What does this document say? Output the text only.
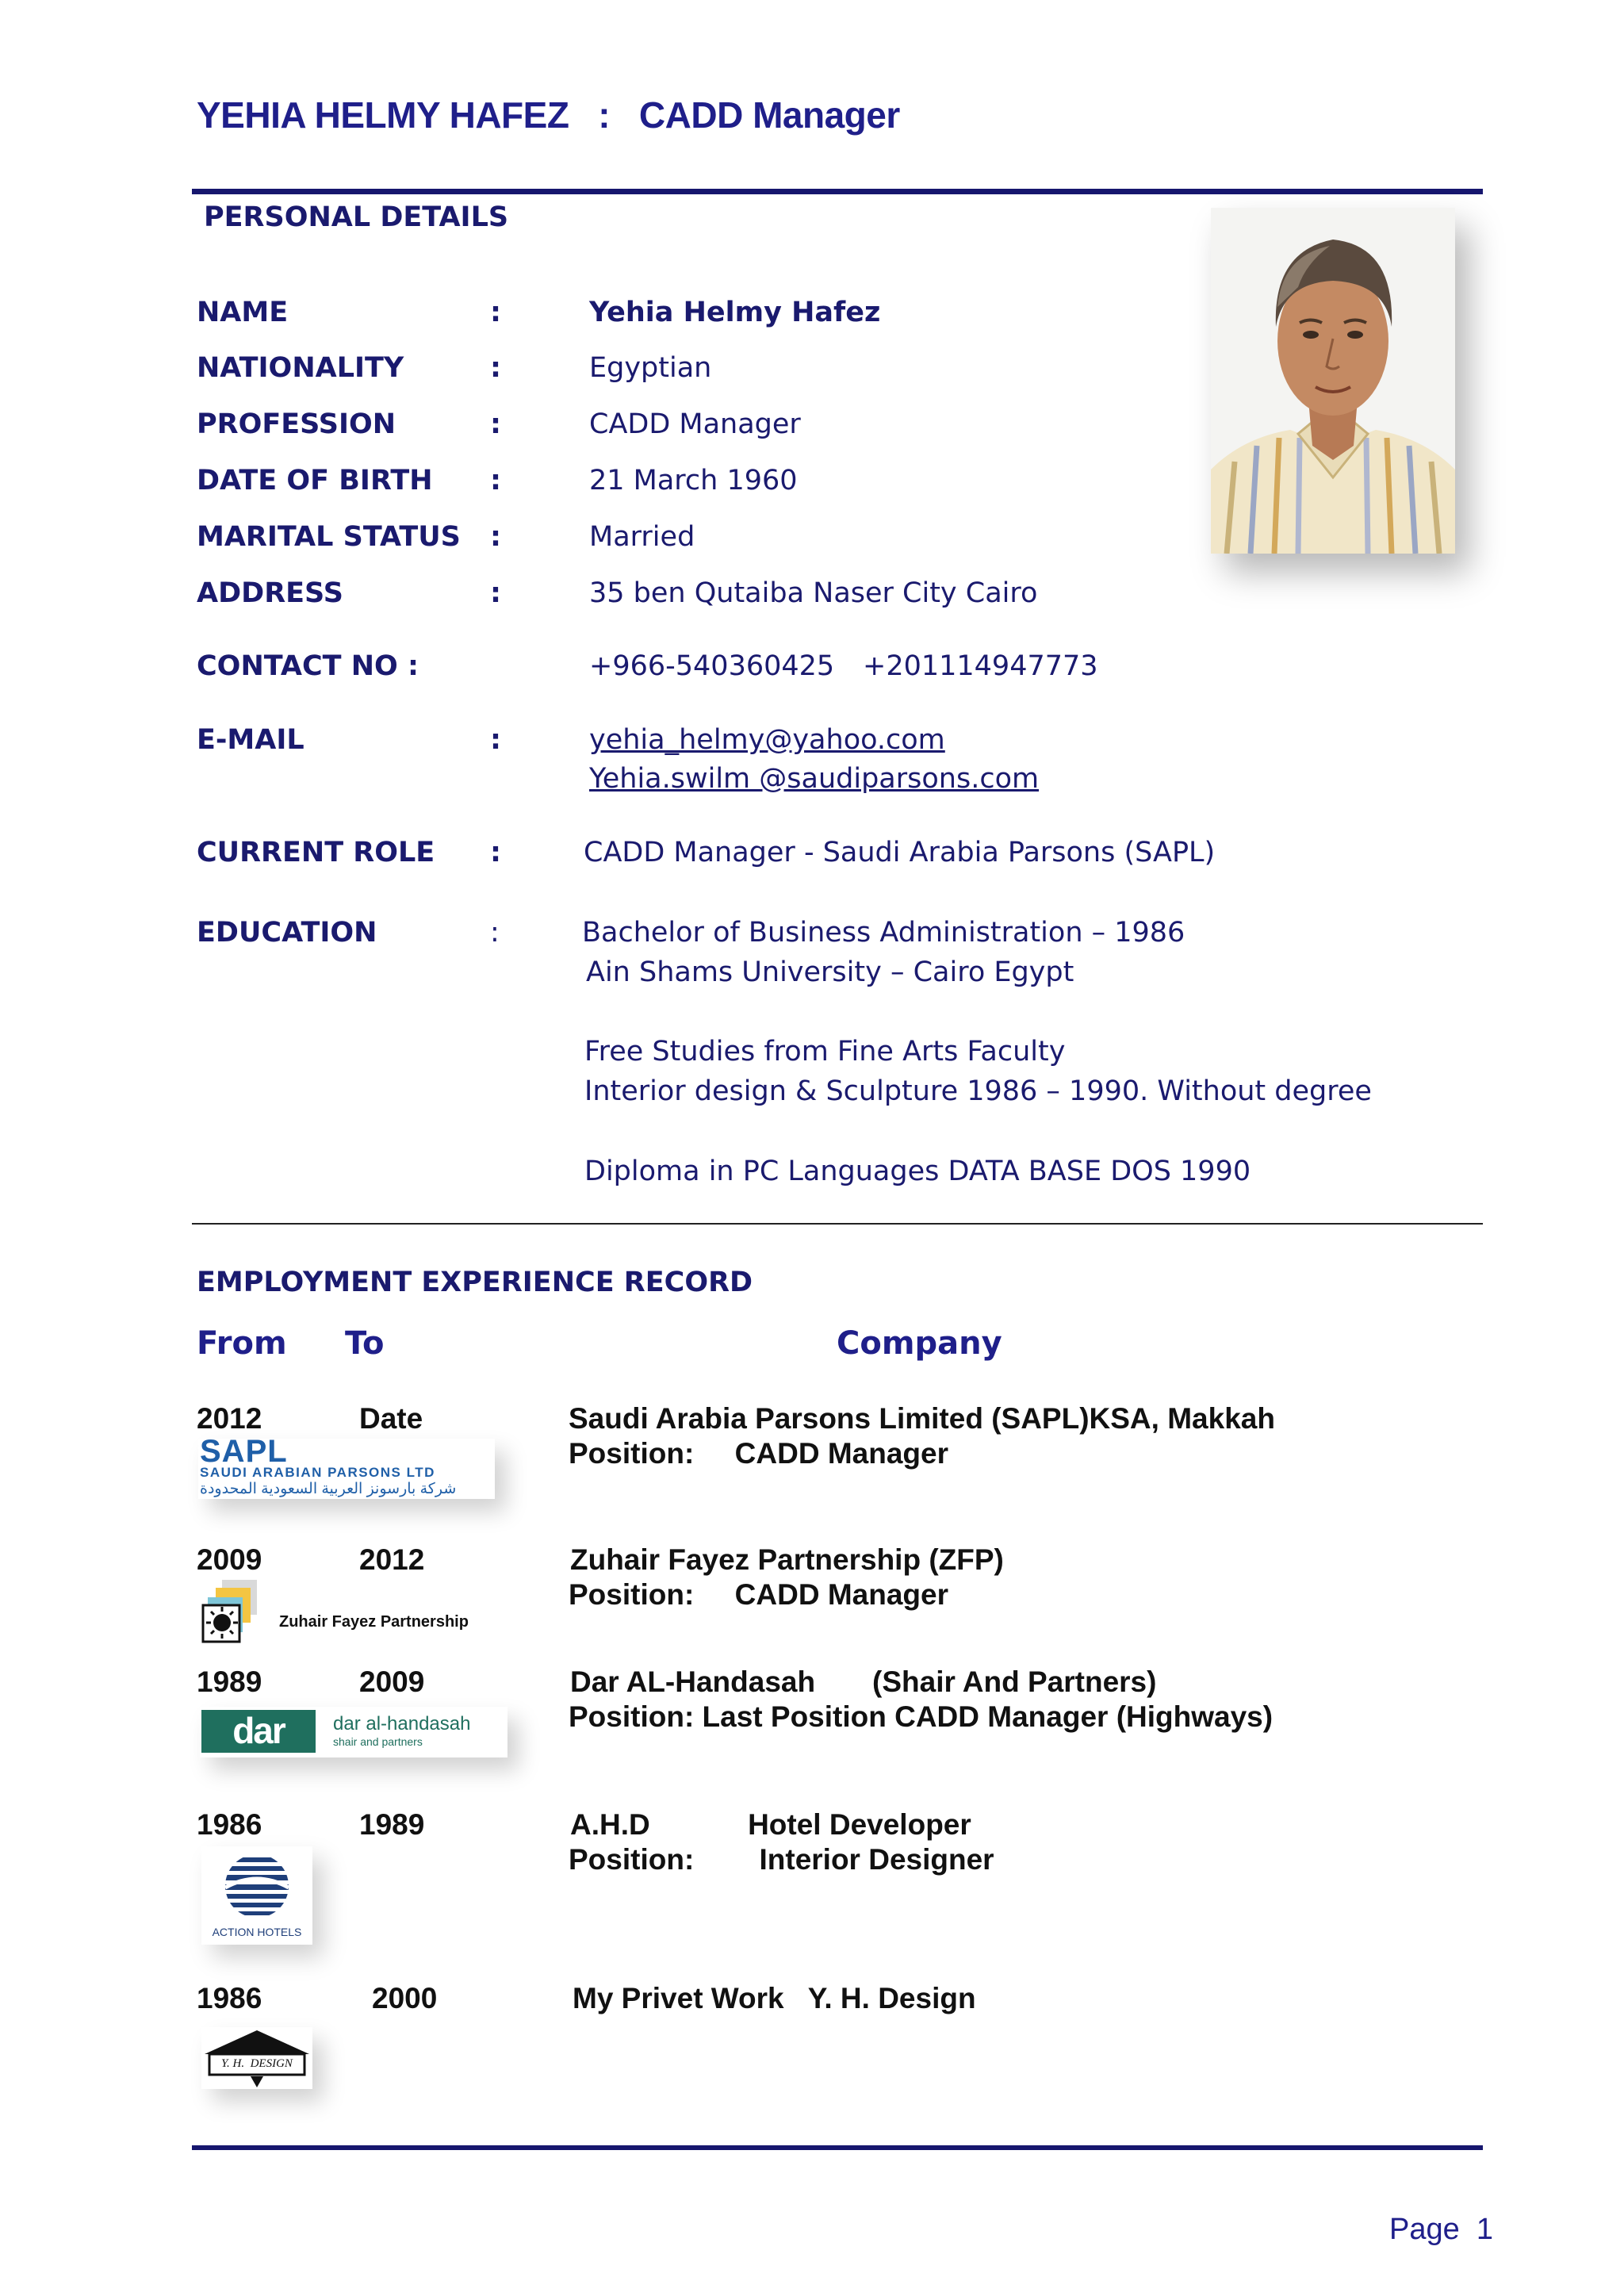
YEHIA HELMY HAFEZ   :   CADD Manager
PERSONAL DETAILS
NAME	:	Yehia Helmy Hafez
NATIONALITY	:	Egyptian
PROFESSION	:	CADD Manager
DATE OF BIRTH :	21 March 1960
MARITAL STATUS :	Married
ADDRESS	:	35 ben Qutaiba Naser City Cairo
CONTACT NO :	+966-540360425 +201114947773
E-MAIL	:	yehia_helmy@yahoo.com
Yehia.swilm @saudiparsons.com
CURRENT ROLE :	CADD Manager - Saudi Arabia Parsons (SAPL)
EDUCATION	:	Bachelor of Business Administration – 1986
Ain Shams University – Cairo Egypt
Free Studies from Fine Arts Faculty
Interior design & Sculpture 1986 – 1990. Without degree
Diploma in PC Languages DATA BASE DOS 1990
EMPLOYMENT EXPERIENCE RECORD
From To	Company
2012	Date	Saudi Arabia Parsons Limited (SAPL)KSA, Makkah
Position:     CADD Manager
SAPL
SAUDI ARABIAN PARSONS LTD
شركة بارسونز العربية السعودية المحدودة
2009	2012	Zuhair Fayez Partnership (ZFP)
Position:     CADD Manager
Zuhair Fayez Partnership
1989	2009	Dar AL-Handasah       (Shair And Partners)
Position: Last Position CADD Manager (Highways)
dar	dar al-handasah
shair and partners
1986	1989	A.H.D            Hotel Developer
Position:        Interior Designer
ACTION HOTELS
1986	2000	My Privet Work   Y. H. Design
Y. H.  DESIGN
Page  1
